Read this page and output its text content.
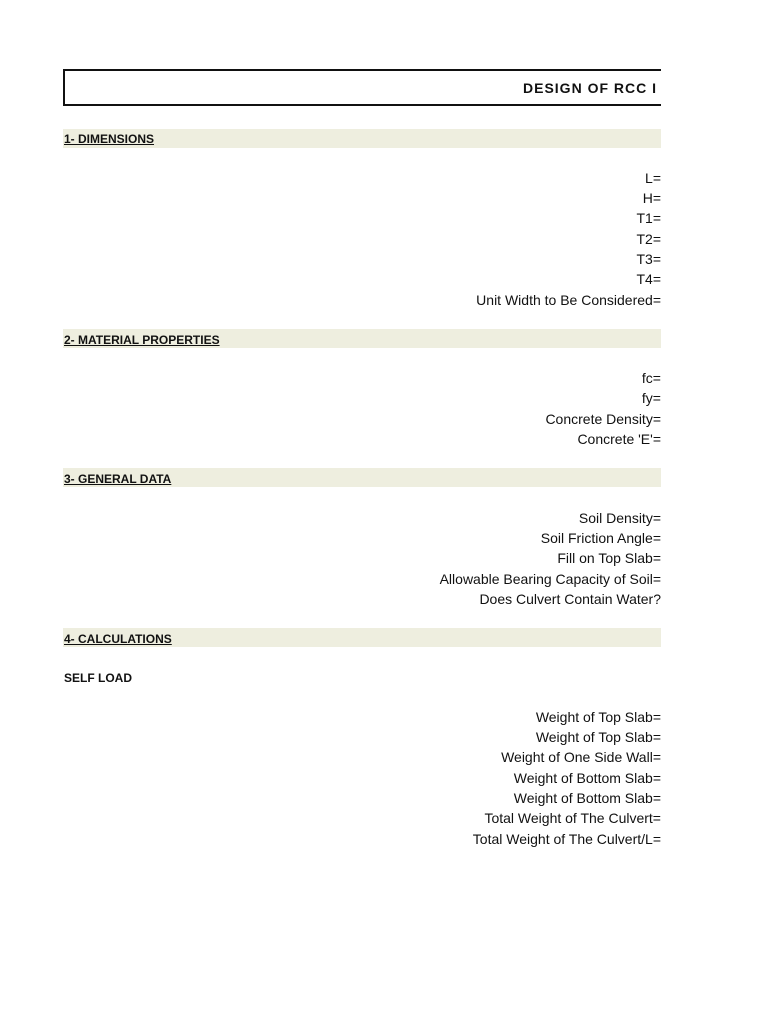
DESIGN OF RCC I
1- DIMENSIONS
L=
H=
T1=
T2=
T3=
T4=
Unit Width to Be Considered=
2- MATERIAL PROPERTIES
fc=
fy=
Concrete Density=
Concrete 'E'=
3- GENERAL DATA
Soil Density=
Soil Friction Angle=
Fill on Top Slab=
Allowable Bearing Capacity of Soil=
Does Culvert Contain Water?
4- CALCULATIONS
SELF LOAD
Weight of Top Slab=
Weight of Top Slab=
Weight of One Side Wall=
Weight of Bottom Slab=
Weight of Bottom Slab=
Total Weight of The Culvert=
Total Weight of The Culvert/L=
